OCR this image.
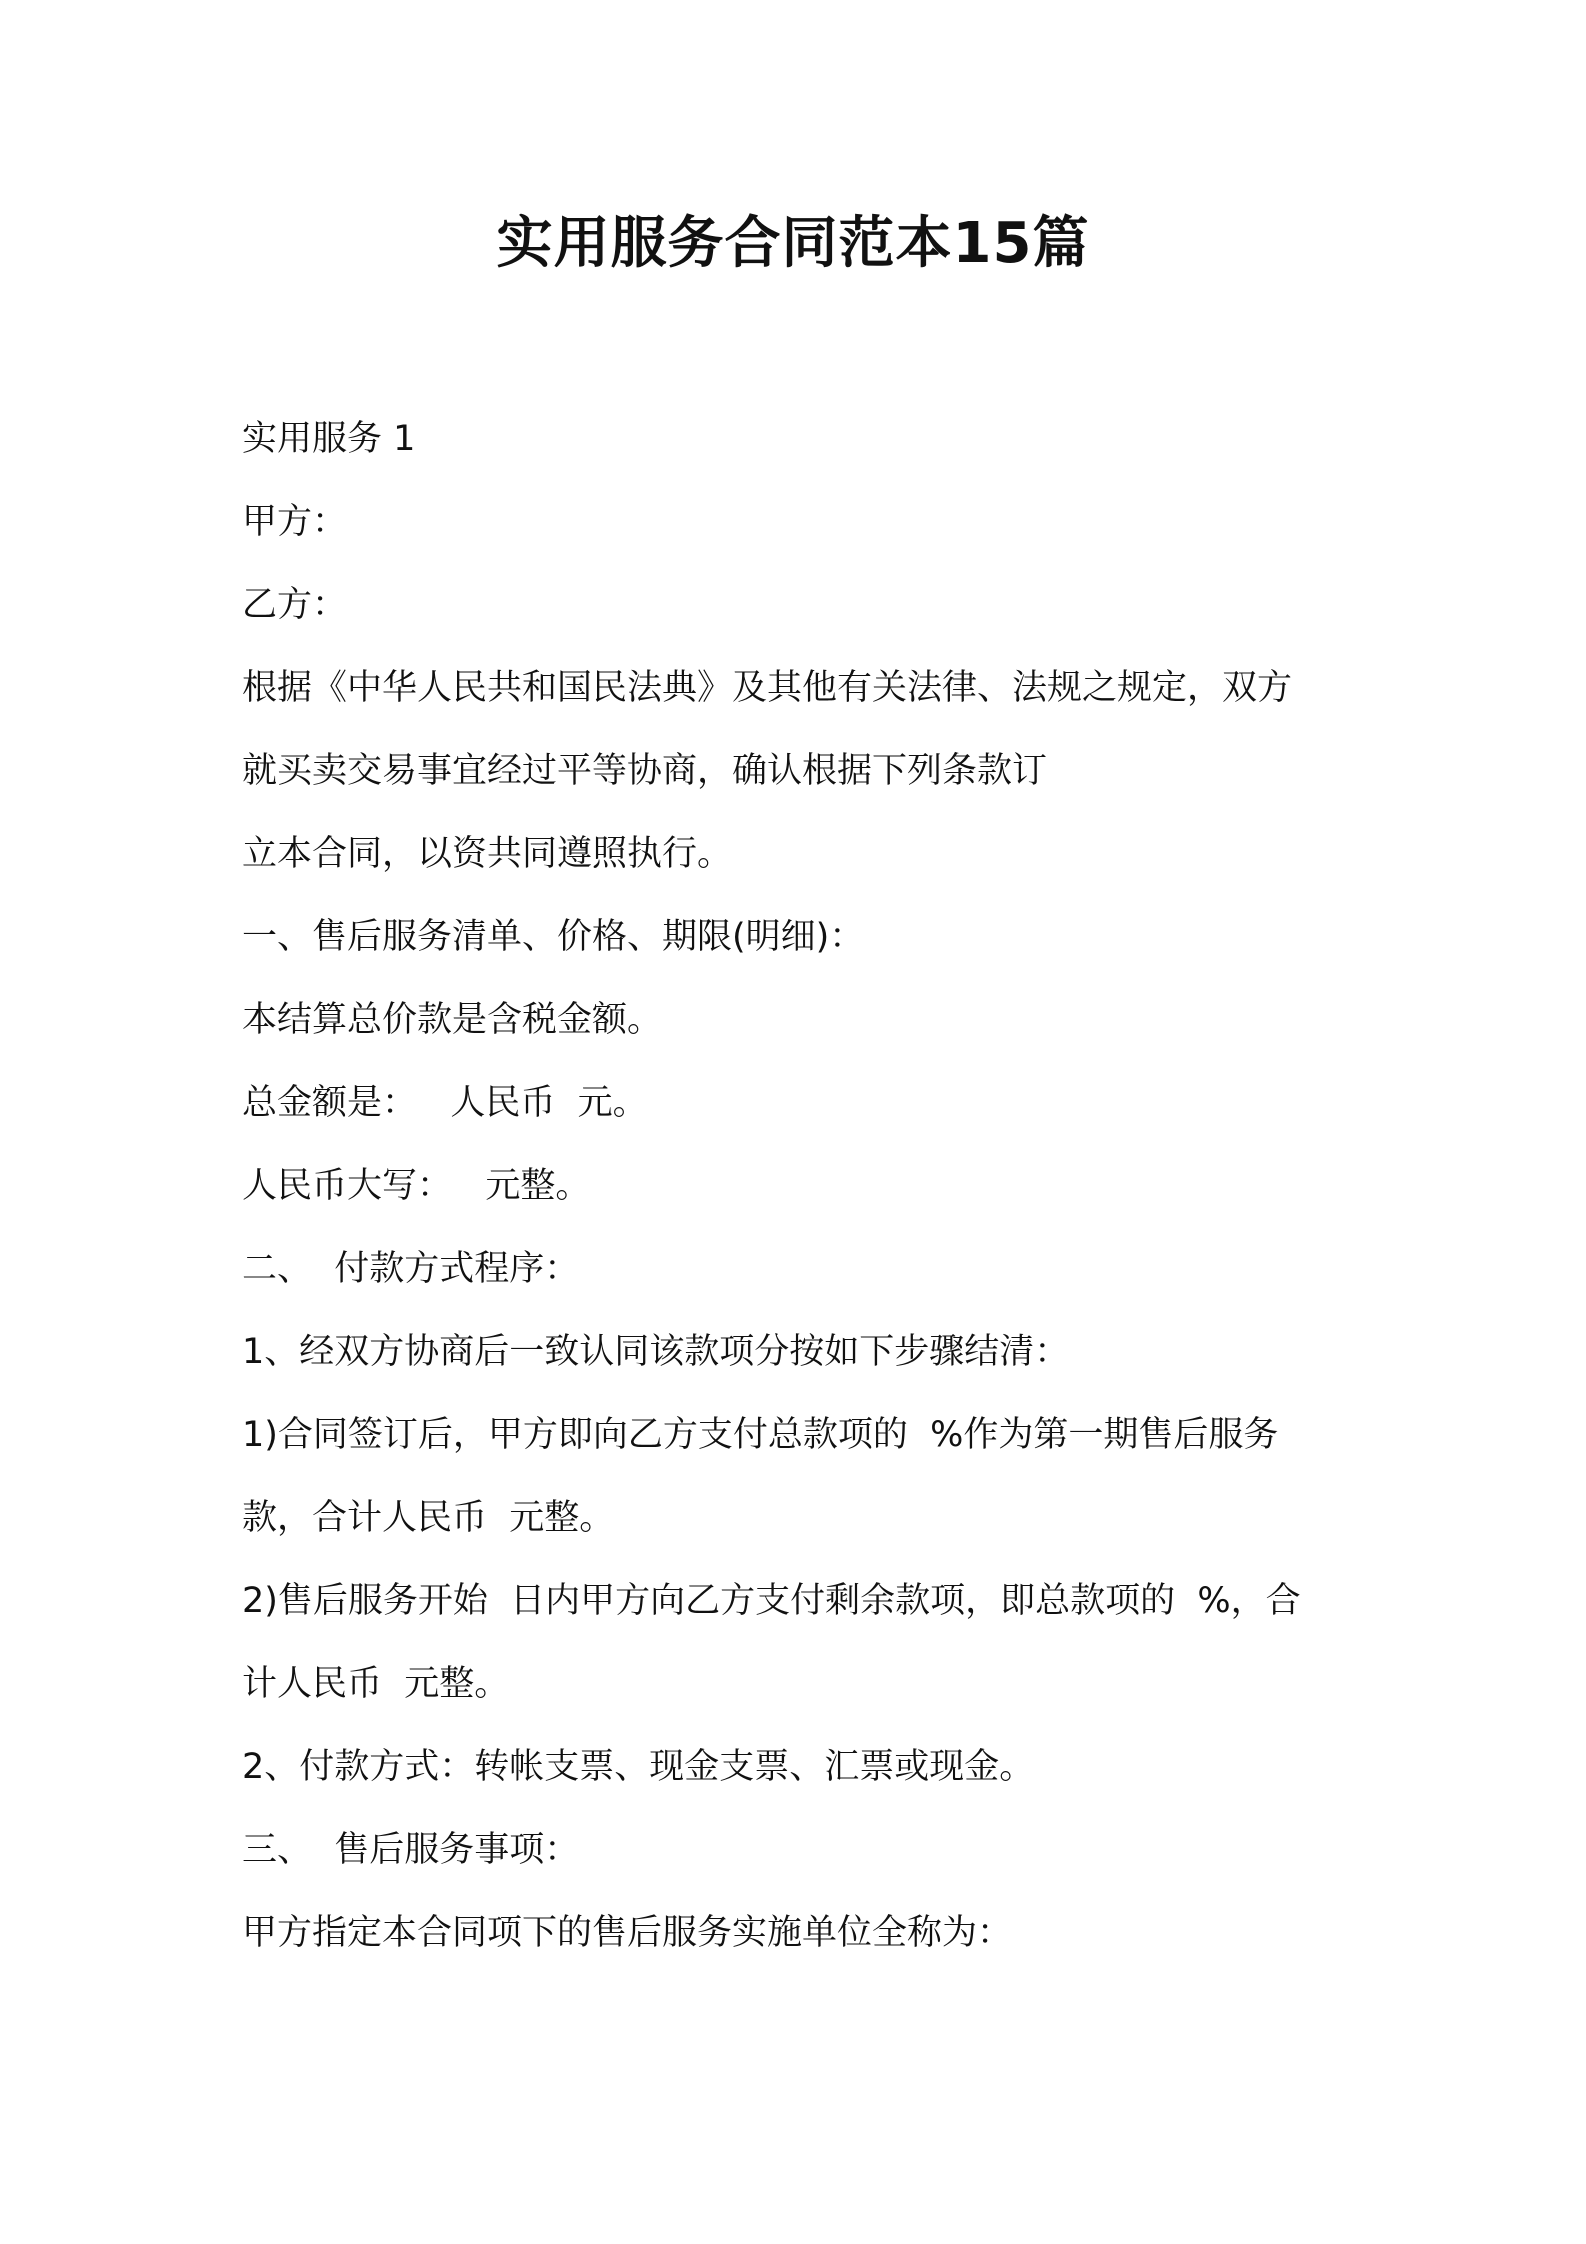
实用服务合同范本15篇
实用服务 1
甲方：
乙方：
根据《中华人民共和国民法典》及其他有关法律、法规之规定，双方
就买卖交易事宜经过平等协商，确认根据下列条款订
立本合同，以资共同遵照执行。
一、售后服务清单、价格、期限(明细)：
本结算总价款是含税金额。
总金额是：   人民币  元。
人民币大写：   元整。
二、  付款方式程序：
1、经双方协商后一致认同该款项分按如下步骤结清：
1)合同签订后，甲方即向乙方支付总款项的  %作为第一期售后服务
款，合计人民币  元整。
2)售后服务开始  日内甲方向乙方支付剩余款项，即总款项的  %，合
计人民币  元整。
2、付款方式：转帐支票、现金支票、汇票或现金。
三、  售后服务事项：
甲方指定本合同项下的售后服务实施单位全称为：
